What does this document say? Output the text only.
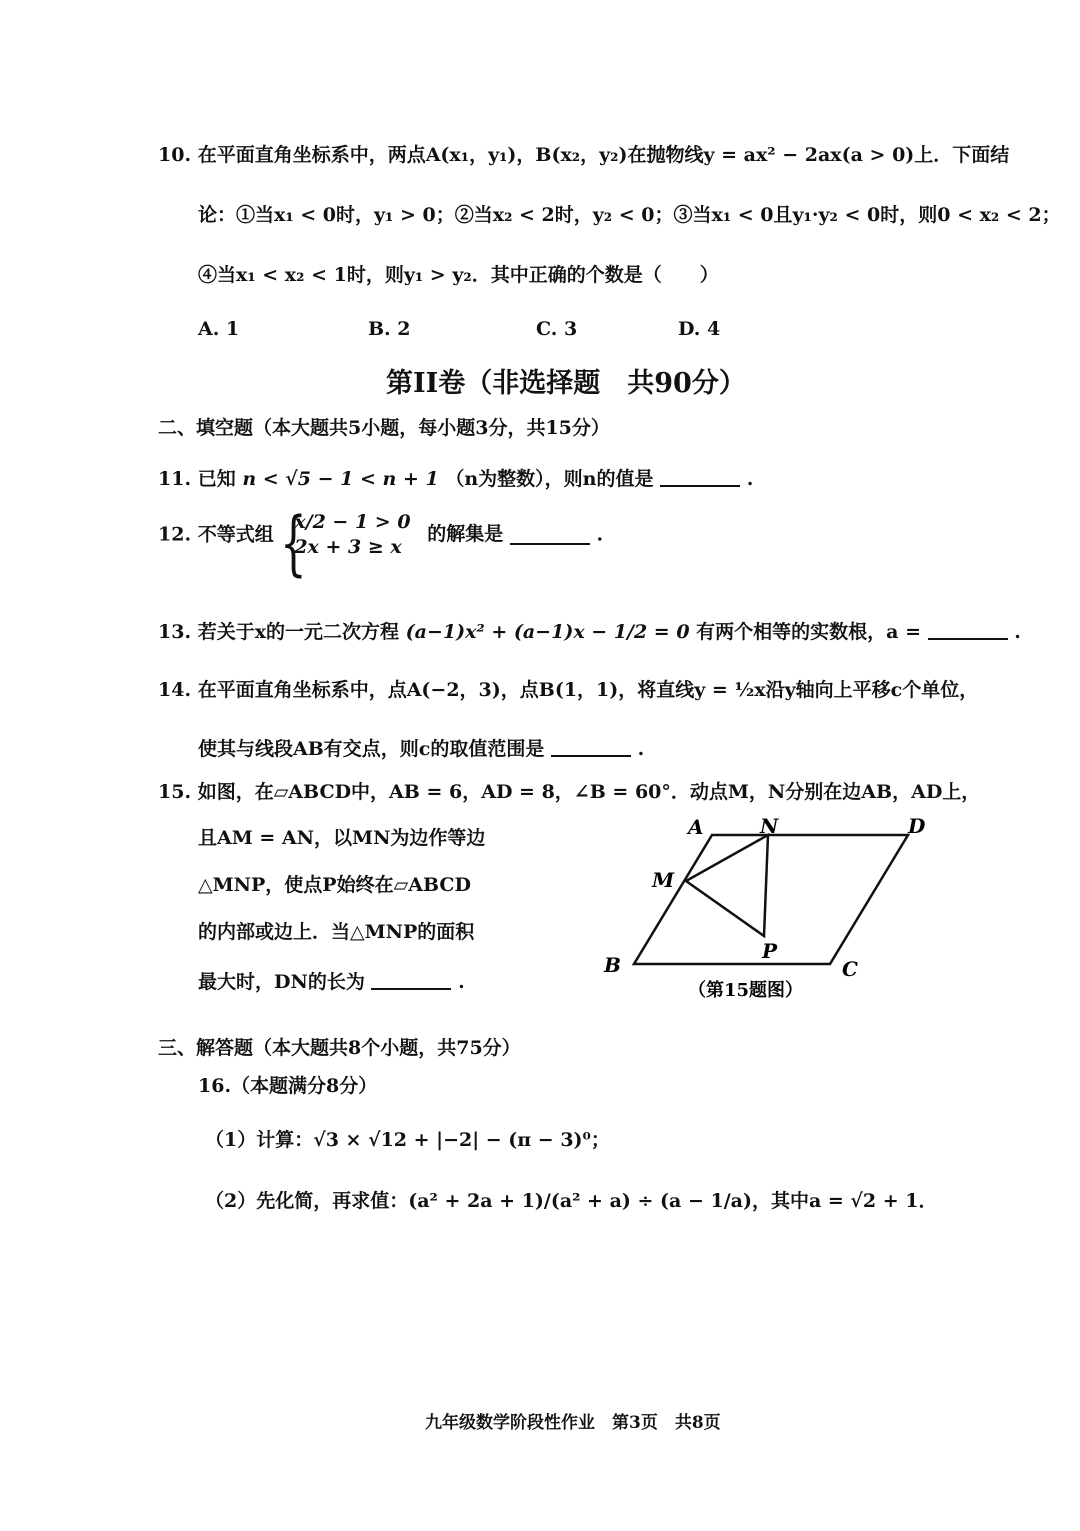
10. 在平面直角坐标系中，两点A(x₁，y₁)，B(x₂，y₂)在抛物线y = ax² − 2ax(a > 0)上．下面结
论：①当x₁ < 0时，y₁ > 0；②当x₂ < 2时，y₂ < 0；③当x₁ < 0且y₁·y₂ < 0时，则0 < x₂ < 2；
④当x₁ < x₂ < 1时，则y₁ > y₂．其中正确的个数是（　　）
A. 1	B. 2	C. 3	D. 4
第II卷（非选择题　共90分）
二、填空题（本大题共5小题，每小题3分，共15分）
11. 已知 n < √5 − 1 < n + 1 （n为整数），则n的值是	.
12. 不等式组 {
x/2 − 1 > 0
2x + 3 ≥ x
的解集是	.
13. 若关于x的一元二次方程 (a−1)x² + (a−1)x − 1/2 = 0 有两个相等的实数根，a =	.
14. 在平面直角坐标系中，点A(−2，3)，点B(1，1)，将直线y = ½x沿y轴向上平移c个单位，
使其与线段AB有交点，则c的取值范围是	.
15. 如图，在▱ABCD中，AB = 6，AD = 8，∠B = 60°．动点M，N分别在边AB，AD上，
且AM = AN，以MN为边作等边
△MNP，使点P始终在▱ABCD
的内部或边上．当△MNP的面积
最大时，DN的长为	.
A	N	D
M
P
B	C
（第15题图）
三、解答题（本大题共8个小题，共75分）
16.（本题满分8分）
（1）计算：√3 × √12 + |−2| − (π − 3)⁰；
（2）先化简，再求值：(a² + 2a + 1)/(a² + a) ÷ (a − 1/a)，其中a = √2 + 1．
九年级数学阶段性作业　第3页　共8页
